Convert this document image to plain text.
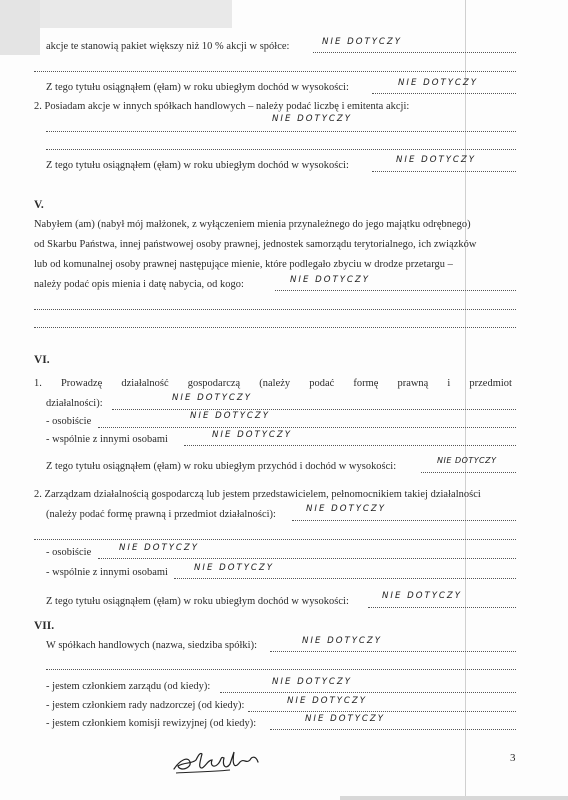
akcje te stanowią pakiet większy niż 10 % akcji w spółce:	NIE DOTYCZY
Z tego tytułu osiągnąłem (ęłam) w roku ubiegłym dochód w wysokości:	NIE DOTYCZY
2. Posiadam akcje w innych spółkach handlowych – należy podać liczbę i emitenta akcji:
NIE DOTYCZY
Z tego tytułu osiągnąłem (ęłam) w roku ubiegłym dochód w wysokości:	NIE DOTYCZY
V.
Nabyłem (am) (nabył mój małżonek, z wyłączeniem mienia przynależnego do jego majątku odrębnego)
od Skarbu Państwa, innej państwowej osoby prawnej, jednostek samorządu terytorialnego, ich związków
lub od komunalnej osoby prawnej następujące mienie, które podlegało zbyciu w drodze przetargu –
należy podać opis mienia i datę nabycia, od kogo:	NIE DOTYCZY
VI.
1. Prowadzę działalność gospodarczą (należy podać formę prawną i przedmiot
działalności):	NIE DOTYCZY
- osobiście	NIE DOTYCZY
- wspólnie z innymi osobami	NIE DOTYCZY
Z tego tytułu osiągnąłem (ęłam) w roku ubiegłym przychód i dochód w wysokości:
NIE DOTYCZY
2. Zarządzam działalnością gospodarczą lub jestem przedstawicielem, pełnomocnikiem takiej działalności
(należy podać formę prawną i przedmiot działalności):	NIE DOTYCZY
- osobiście	NIE DOTYCZY
- wspólnie z innymi osobami	NIE DOTYCZY
Z tego tytułu osiągnąłem (ęłam) w roku ubiegłym dochód w wysokości:	NIE DOTYCZY
VII.
W spółkach handlowych (nazwa, siedziba spółki):	NIE DOTYCZY
- jestem członkiem zarządu (od kiedy):	NIE DOTYCZY
- jestem członkiem rady nadzorczej (od kiedy):	NIE DOTYCZY
- jestem członkiem komisji rewizyjnej (od kiedy):	NIE DOTYCZY
3
